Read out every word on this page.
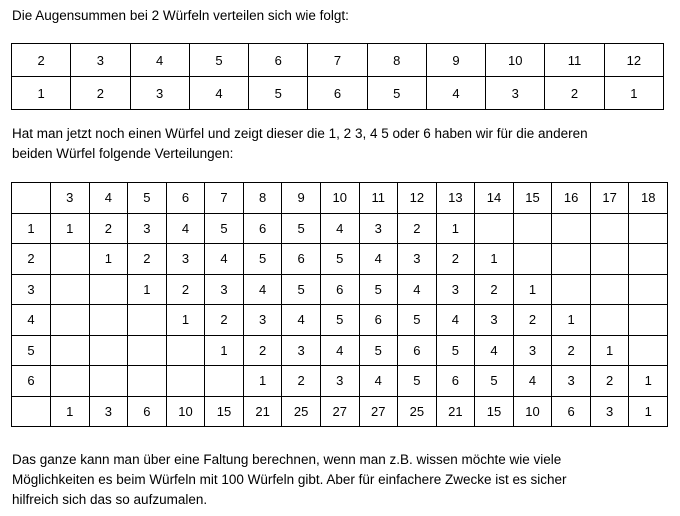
Die Augensummen bei 2 Würfeln verteilen sich wie folgt:

2	3	4	5	6	7	8	9	10	11	12
1	2	3	4	5	6	5	4	3	2	1

Hat man jetzt noch einen Würfel und zeigt dieser die 1, 2 3, 4 5 oder 6 haben wir für die anderen
beiden Würfel folgende Verteilungen:

	3	4	5	6	7	8	9	10	11	12	13	14	15	16	17	18
1	1	2	3	4	5	6	5	4	3	2	1					
2		1	2	3	4	5	6	5	4	3	2	1				
3			1	2	3	4	5	6	5	4	3	2	1			
4				1	2	3	4	5	6	5	4	3	2	1		
5					1	2	3	4	5	6	5	4	3	2	1	
6						1	2	3	4	5	6	5	4	3	2	1
	1	3	6	10	15	21	25	27	27	25	21	15	10	6	3	1

Das ganze kann man über eine Faltung berechnen, wenn man z.B. wissen möchte wie viele
Möglichkeiten es beim Würfeln mit 100 Würfeln gibt. Aber für einfachere Zwecke ist es sicher
hilfreich sich das so aufzumalen.
